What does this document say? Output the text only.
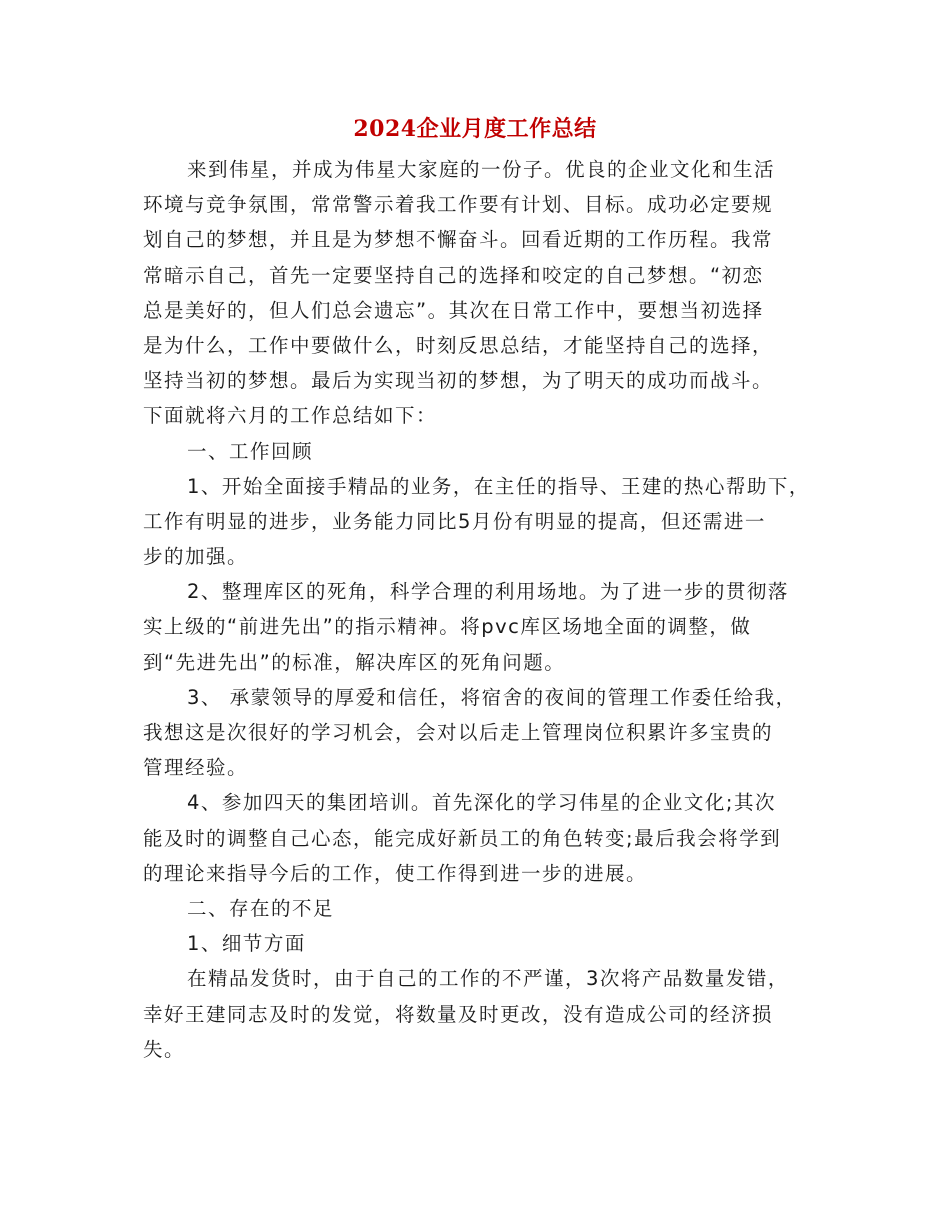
2024企业月度工作总结
来到伟星，并成为伟星大家庭的一份子。优良的企业文化和生活
环境与竞争氛围，常常警示着我工作要有计划、目标。成功必定要规
划自己的梦想，并且是为梦想不懈奋斗。回看近期的工作历程。我常
常暗示自己，首先一定要坚持自己的选择和咬定的自己梦想。“初恋
总是美好的，但人们总会遗忘”。其次在日常工作中，要想当初选择
是为什么，工作中要做什么，时刻反思总结，才能坚持自己的选择，
坚持当初的梦想。最后为实现当初的梦想，为了明天的成功而战斗。
下面就将六月的工作总结如下：
一、工作回顾
1、开始全面接手精品的业务，在主任的指导、王建的热心帮助下，
工作有明显的进步，业务能力同比5月份有明显的提高，但还需进一
步的加强。
2、整理库区的死角，科学合理的利用场地。为了进一步的贯彻落
实上级的“前进先出”的指示精神。将pvc库区场地全面的调整，做
到“先进先出”的标准，解决库区的死角问题。
3、 承蒙领导的厚爱和信任，将宿舍的夜间的管理工作委任给我，
我想这是次很好的学习机会，会对以后走上管理岗位积累许多宝贵的
管理经验。
4、参加四天的集团培训。首先深化的学习伟星的企业文化;其次
能及时的调整自己心态，能完成好新员工的角色转变;最后我会将学到
的理论来指导今后的工作，使工作得到进一步的进展。
二、存在的不足
1、细节方面
在精品发货时，由于自己的工作的不严谨，3次将产品数量发错，
幸好王建同志及时的发觉，将数量及时更改，没有造成公司的经济损
失。
